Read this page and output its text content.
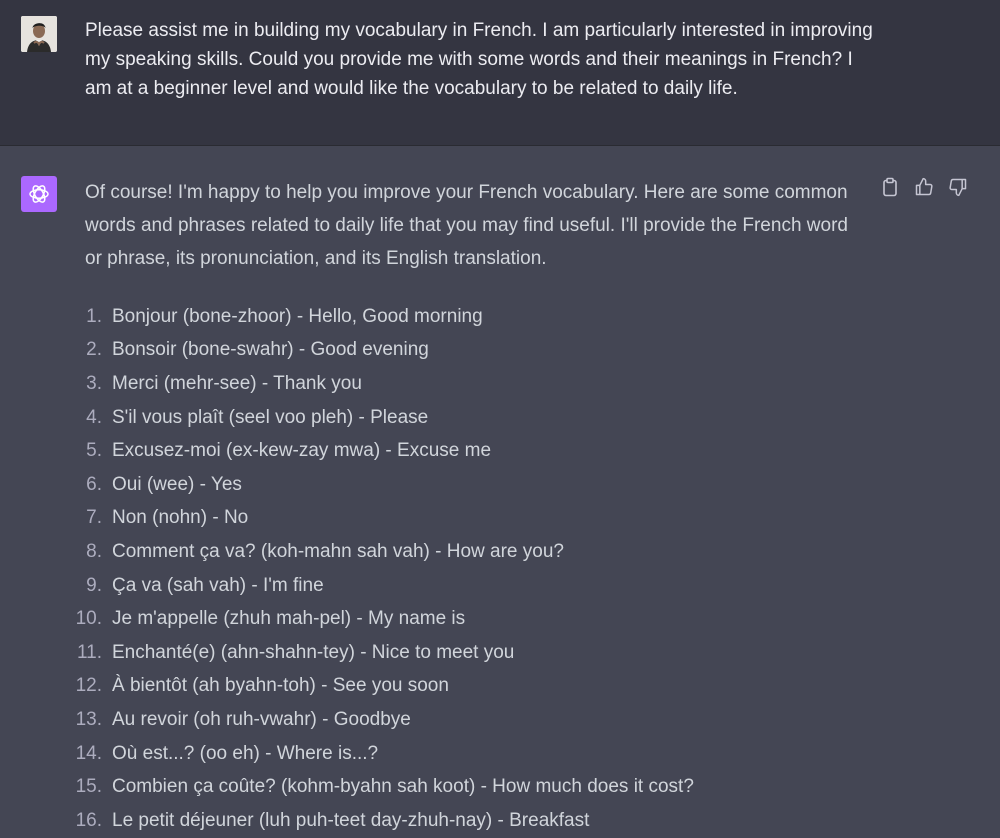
Please assist me in building my vocabulary in French. I am particularly interested in improving my speaking skills. Could you provide me with some words and their meanings in French? I am at a beginner level and would like the vocabulary to be related to daily life.

Of course! I'm happy to help you improve your French vocabulary. Here are some common words and phrases related to daily life that you may find useful. I'll provide the French word or phrase, its pronunciation, and its English translation.

1. Bonjour (bone-zhoor) - Hello, Good morning
2. Bonsoir (bone-swahr) - Good evening
3. Merci (mehr-see) - Thank you
4. S'il vous plaît (seel voo pleh) - Please
5. Excusez-moi (ex-kew-zay mwa) - Excuse me
6. Oui (wee) - Yes
7. Non (nohn) - No
8. Comment ça va? (koh-mahn sah vah) - How are you?
9. Ça va (sah vah) - I'm fine
10. Je m'appelle (zhuh mah-pel) - My name is
11. Enchanté(e) (ahn-shahn-tey) - Nice to meet you
12. À bientôt (ah byahn-toh) - See you soon
13. Au revoir (oh ruh-vwahr) - Goodbye
14. Où est...? (oo eh) - Where is...?
15. Combien ça coûte? (kohm-byahn sah koot) - How much does it cost?
16. Le petit déjeuner (luh puh-teet day-zhuh-nay) - Breakfast
